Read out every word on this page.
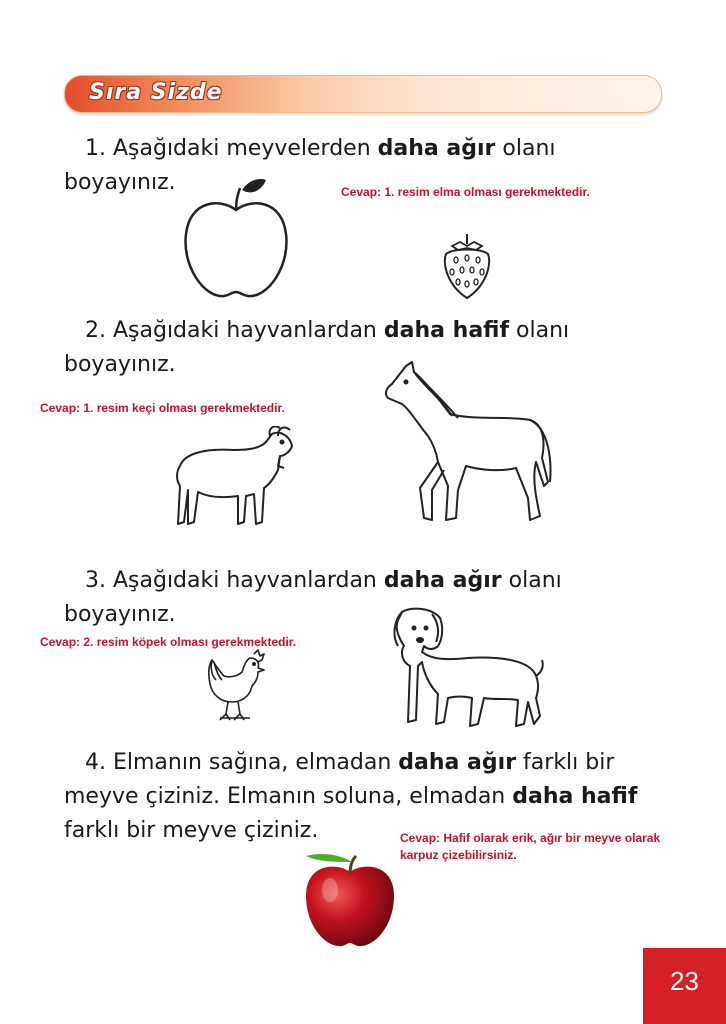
Sıra Sizde
1. Aşağıdaki meyvelerden daha ağır olanı
boyayınız.	Cevap: 1. resim elma olması gerekmektedir.
2. Aşağıdaki hayvanlardan daha hafif olanı
boyayınız.
Cevap: 1. resim keçi olması gerekmektedir.
3. Aşağıdaki hayvanlardan daha ağır olanı
boyayınız.
Cevap: 2. resim köpek olması gerekmektedir.
4. Elmanın sağına, elmadan daha ağır farklı bir
meyve çiziniz. Elmanın soluna, elmadan daha hafif
farklı bir meyve çiziniz.	Cevap: Hafif olarak erik, ağır bir meyve olarak
karpuz çizebilirsiniz.
23
